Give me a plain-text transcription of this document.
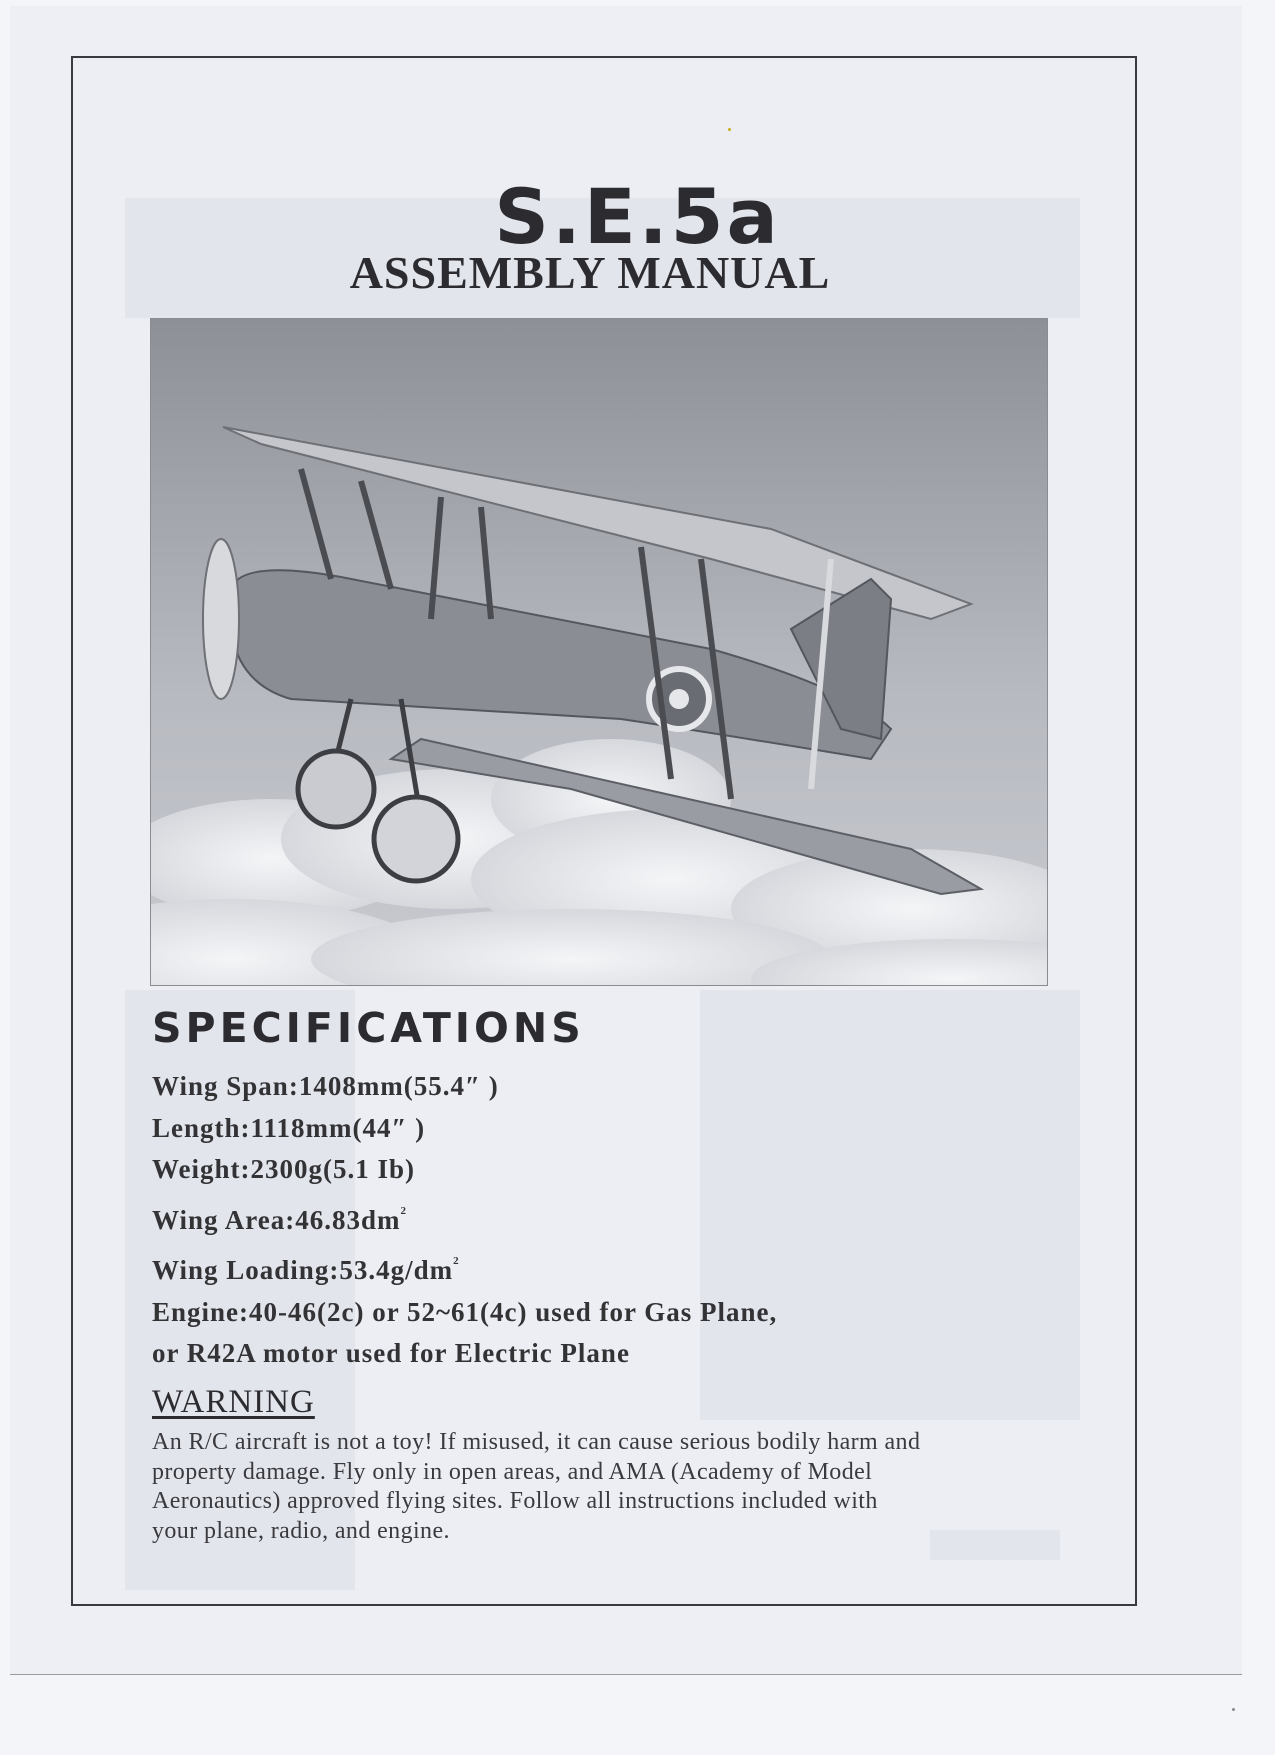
S.E.5a
ASSEMBLY MANUAL
SPECIFICATIONS
Wing Span:1408mm(55.4″ )
Length:1118mm(44″ )
Weight:2300g(5.1 Ib)
Wing $Area:46.83dm^2$
Wing $Loading:53.4g/dm^2$
Engine:40-46(2c) or 52~61(4c) used for Gas Plane,
or R42A motor used for Electric Plane
WARNING

An R/C aircraft is not a toy! If misused, it can cause serious bodily harm and
property damage. Fly only in open areas, and AMA (Academy of Model
Aeronautics) approved flying sites. Follow all instructions included with
your plane, radio, and engine.
